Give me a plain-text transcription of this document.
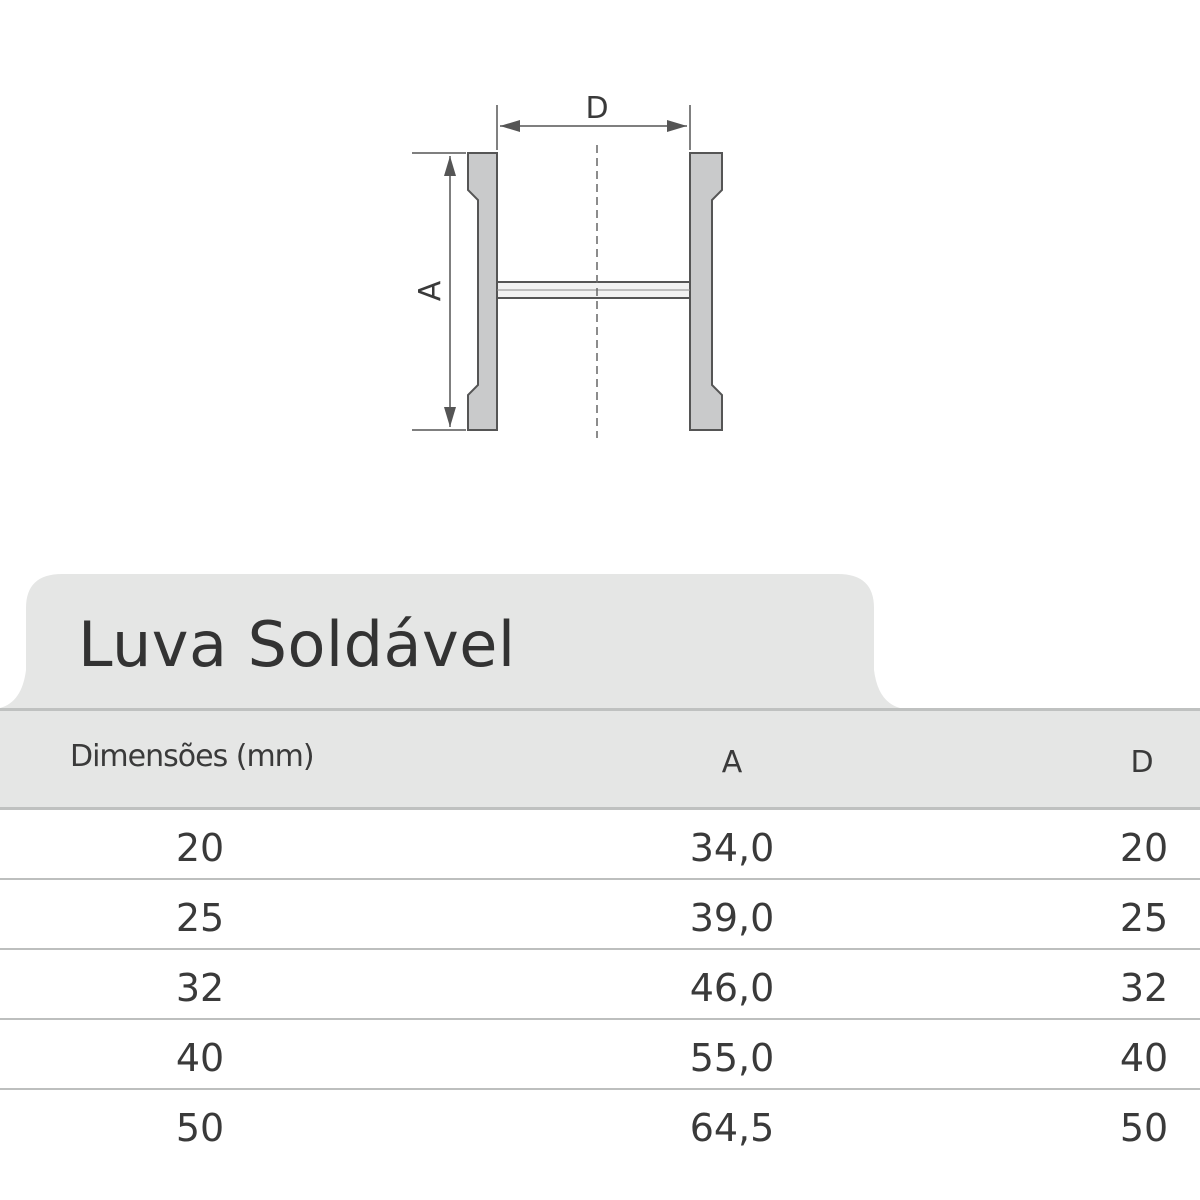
D
A
Luva Soldável
Dimensões (mm)	A	D
20	34,0	20
25	39,0	25
32	46,0	32
40	55,0	40
50	64,5	50
